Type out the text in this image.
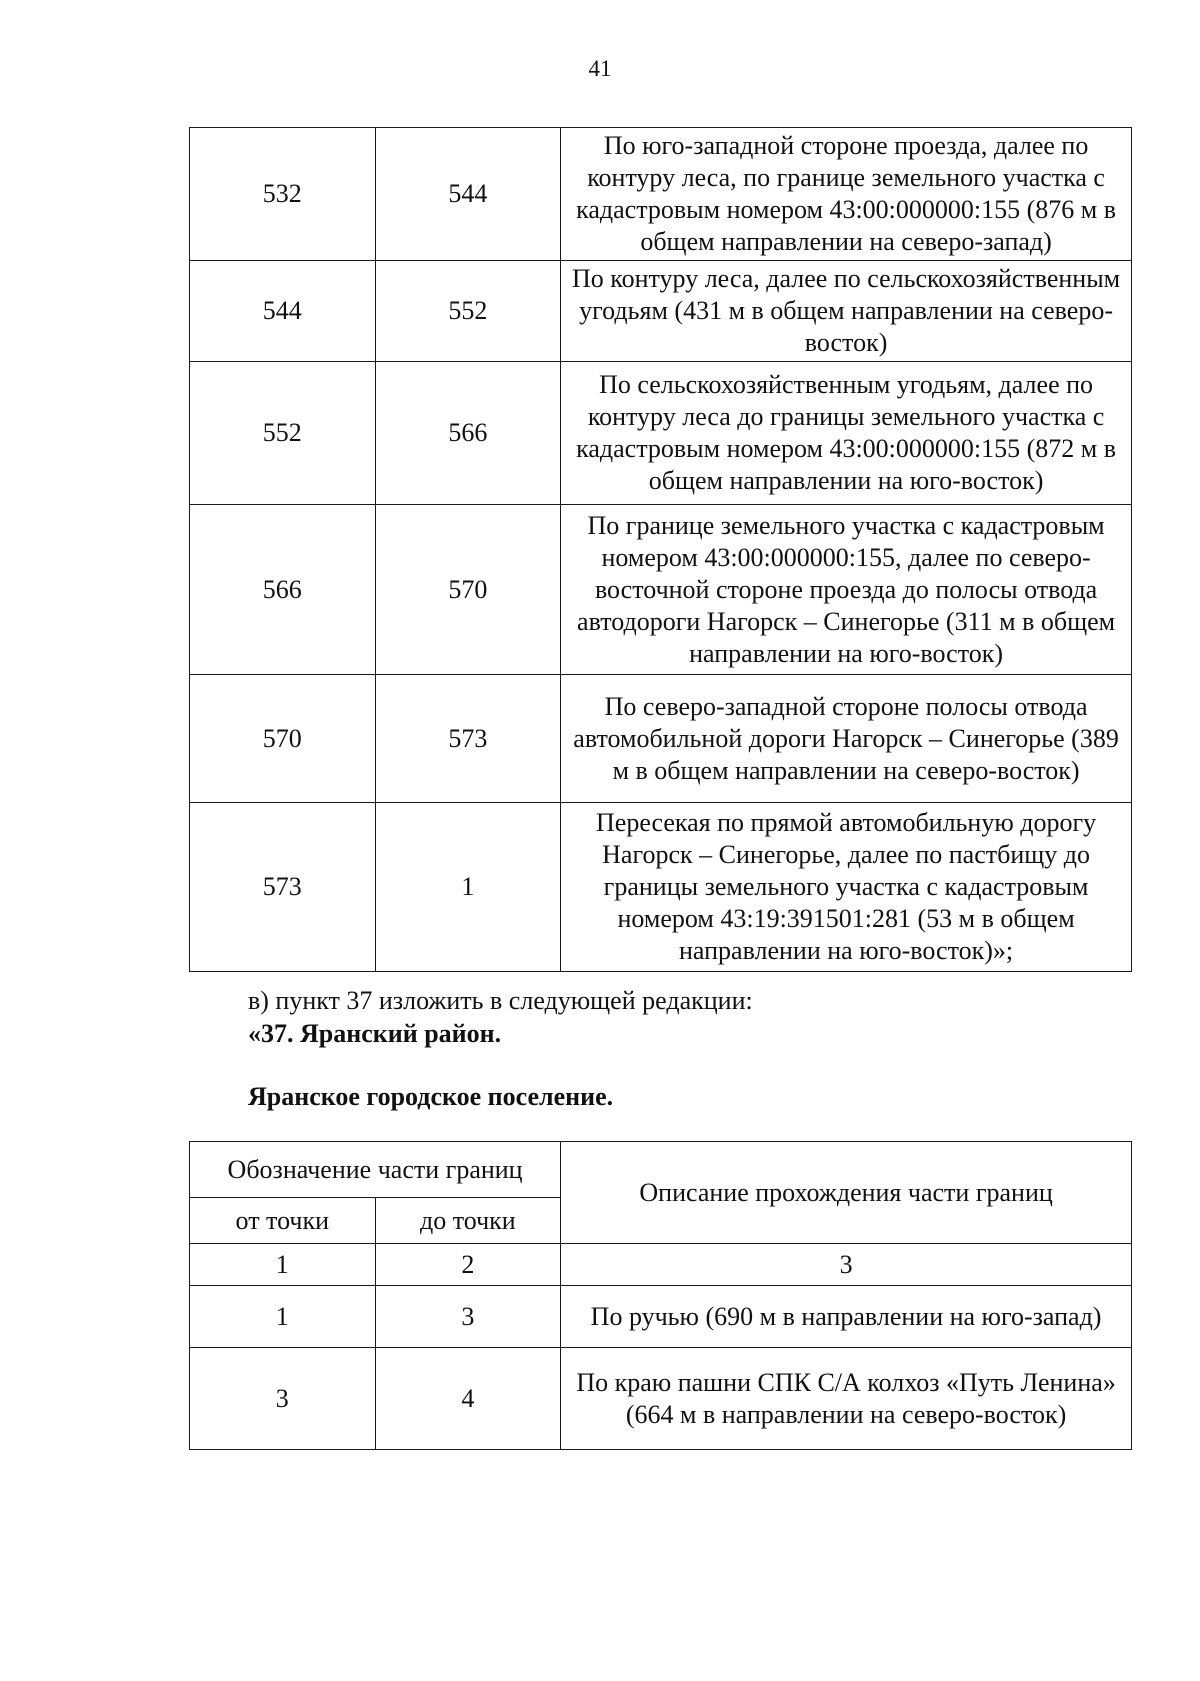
41
532	544	По юго-западной стороне проезда, далее по контуру леса, по границе земельного участка с кадастровым номером 43:00:000000:155 (876 м в общем направлении на северо-запад)
544	552	По контуру леса, далее по сельскохозяйственным угодьям (431 м в общем направлении на северо-восток)
552	566	По сельскохозяйственным угодьям, далее по контуру леса до границы земельного участка с кадастровым номером 43:00:000000:155 (872 м в общем направлении на юго-восток)
566	570	По границе земельного участка с кадастровым номером 43:00:000000:155, далее по северо-восточной стороне проезда до полосы отвода автодороги Нагорск – Синегорье (311 м в общем направлении на юго-восток)
570	573	По северо-западной стороне полосы отвода автомобильной дороги Нагорск – Синегорье (389 м в общем направлении на северо-восток)
573	1	Пересекая по прямой автомобильную дорогу Нагорск – Синегорье, далее по пастбищу до границы земельного участка с кадастровым номером 43:19:391501:281 (53 м в общем направлении на юго-восток)»;
в) пункт 37 изложить в следующей редакции:
«37. Яранский район.
Яранское городское поселение.
Обозначение части границ		Описание прохождения части границ
от точки	до точки	
1	2	3
1	3	По ручью (690 м в направлении на юго-запад)
3	4	По краю пашни СПК С/А колхоз «Путь Ленина» (664 м в направлении на северо-восток)
